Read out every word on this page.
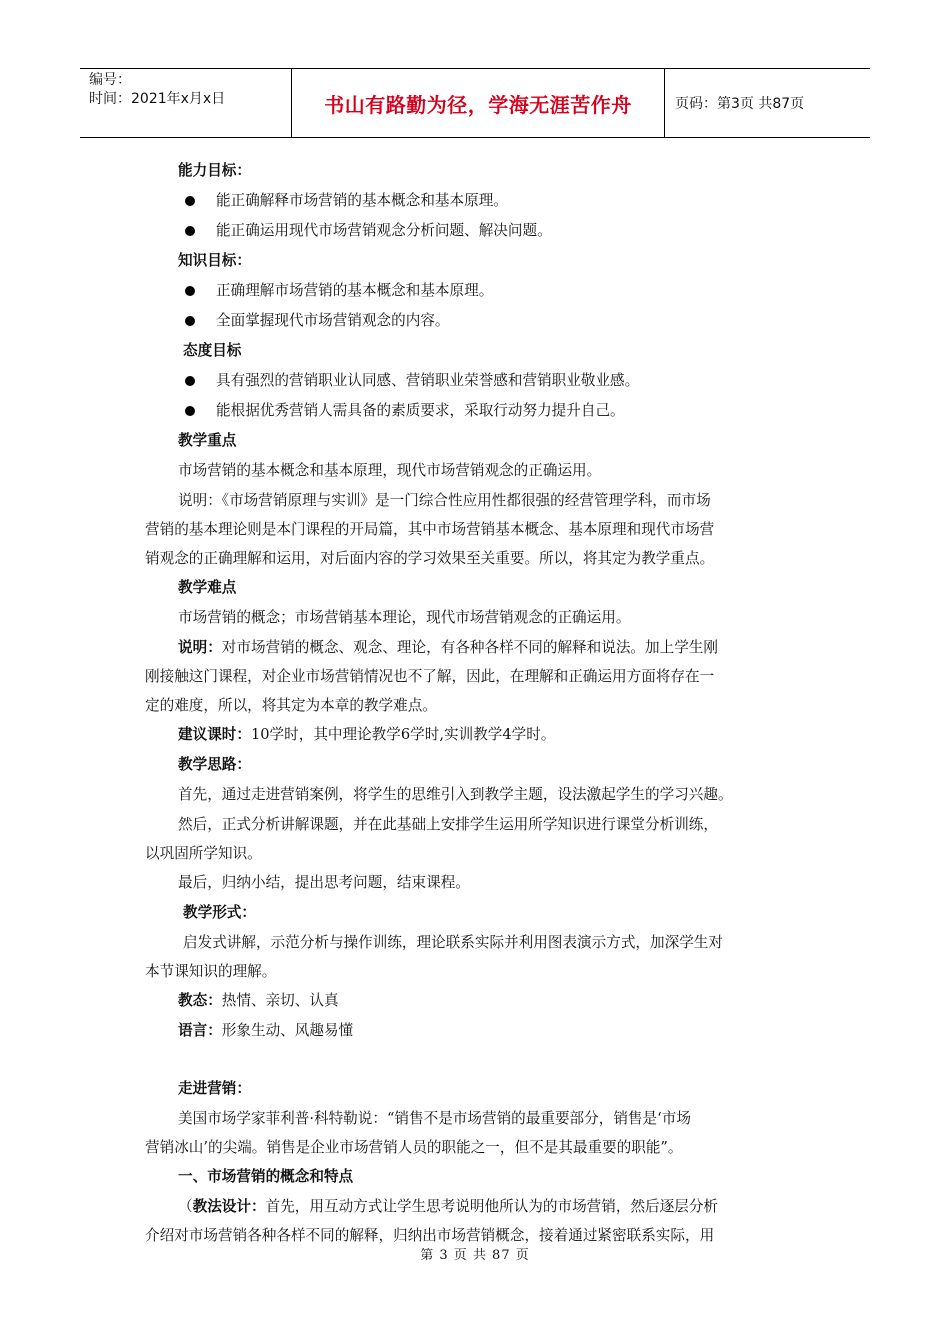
编号：
时间：2021年x月x日	书山有路勤为径，学海无涯苦作舟	页码：第3页 共87页
能力目标：
能正确解释市场营销的基本概念和基本原理。
能正确运用现代市场营销观念分析问题、解决问题。
知识目标：
正确理解市场营销的基本概念和基本原理。
全面掌握现代市场营销观念的内容。
态度目标
具有强烈的营销职业认同感、营销职业荣誉感和营销职业敬业感。
能根据优秀营销人需具备的素质要求，采取行动努力提升自己。
教学重点
市场营销的基本概念和基本原理，现代市场营销观念的正确运用。
说明：《市场营销原理与实训》是一门综合性应用性都很强的经营管理学科，而市场
营销的基本理论则是本门课程的开局篇，其中市场营销基本概念、基本原理和现代市场营
销观念的正确理解和运用，对后面内容的学习效果至关重要。所以，将其定为教学重点。
教学难点
市场营销的概念；市场营销基本理论，现代市场营销观念的正确运用。
说明：对市场营销的概念、观念、理论，有各种各样不同的解释和说法。加上学生刚
刚接触这门课程，对企业市场营销情况也不了解，因此，在理解和正确运用方面将存在一
定的难度，所以，将其定为本章的教学难点。
建议课时：10学时，其中理论教学6学时,实训教学4学时。
教学思路：
首先，通过走进营销案例，将学生的思维引入到教学主题，设法激起学生的学习兴趣。
然后，正式分析讲解课题，并在此基础上安排学生运用所学知识进行课堂分析训练，
以巩固所学知识。
最后，归纳小结，提出思考问题，结束课程。
教学形式：
启发式讲解，示范分析与操作训练，理论联系实际并利用图表演示方式，加深学生对
本节课知识的理解。
教态：热情、亲切、认真
语言：形象生动、风趣易懂
走进营销：
美国市场学家菲利普·科特勒说：“销售不是市场营销的最重要部分，销售是‘市场
营销冰山’的尖端。销售是企业市场营销人员的职能之一，但不是其最重要的职能”。
一、市场营销的概念和特点
（教法设计：首先，用互动方式让学生思考说明他所认为的市场营销，然后逐层分析
介绍对市场营销各种各样不同的解释，归纳出市场营销概念，接着通过紧密联系实际，用
第 3 页 共 87 页
